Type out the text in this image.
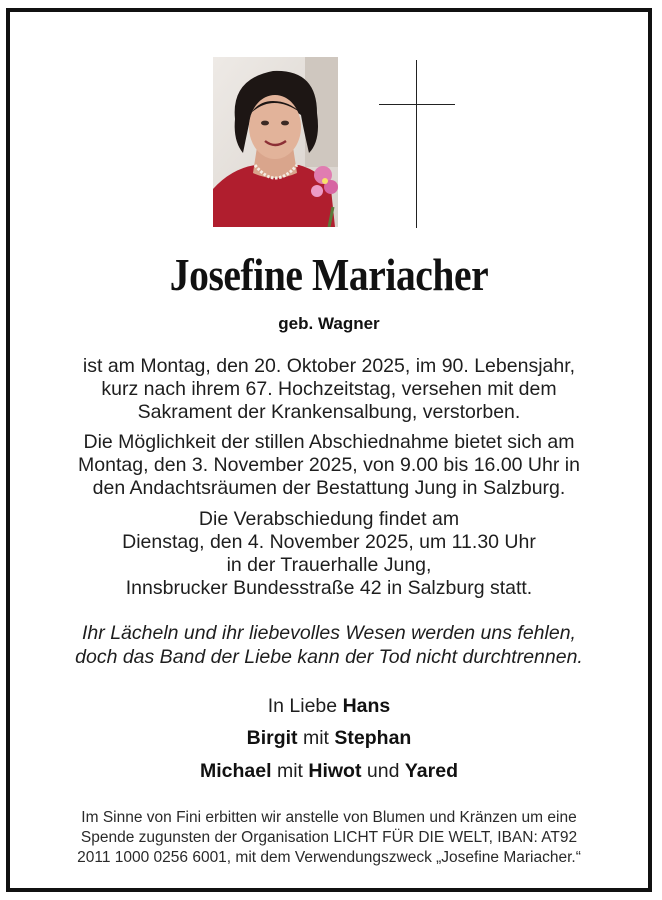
Josefine Mariacher
geb. Wagner
ist am Montag, den 20. Oktober 2025, im 90. Lebensjahr,
kurz nach ihrem 67. Hochzeitstag, versehen mit dem
Sakrament der Krankensalbung, verstorben.
Die Möglichkeit der stillen Abschiednahme bietet sich am
Montag, den 3. November 2025, von 9.00 bis 16.00 Uhr in
den Andachtsräumen der Bestattung Jung in Salzburg.
Die Verabschiedung findet am
Dienstag, den 4. November 2025, um 11.30 Uhr
in der Trauerhalle Jung,
Innsbrucker Bundesstraße 42 in Salzburg statt.
Ihr Lächeln und ihr liebevolles Wesen werden uns fehlen,
doch das Band der Liebe kann der Tod nicht durchtrennen.
In Liebe Hans
Birgit mit Stephan
Michael mit Hiwot und Yared
Im Sinne von Fini erbitten wir anstelle von Blumen und Kränzen um eine
Spende zugunsten der Organisation LICHT FÜR DIE WELT, IBAN: AT92
2011 1000 0256 6001, mit dem Verwendungszweck „Josefine Mariacher.“
